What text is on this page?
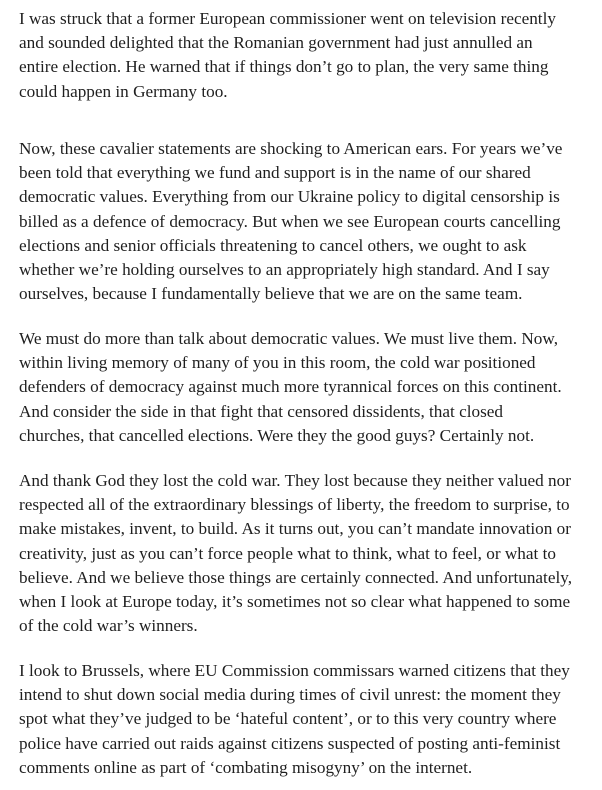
I was struck that a former European commissioner went on television recently
and sounded delighted that the Romanian government had just annulled an
entire election. He warned that if things don’t go to plan, the very same thing
could happen in Germany too.

Now, these cavalier statements are shocking to American ears. For years we’ve
been told that everything we fund and support is in the name of our shared
democratic values. Everything from our Ukraine policy to digital censorship is
billed as a defence of democracy. But when we see European courts cancelling
elections and senior officials threatening to cancel others, we ought to ask
whether we’re holding ourselves to an appropriately high standard. And I say
ourselves, because I fundamentally believe that we are on the same team.

We must do more than talk about democratic values. We must live them. Now,
within living memory of many of you in this room, the cold war positioned
defenders of democracy against much more tyrannical forces on this continent.
And consider the side in that fight that censored dissidents, that closed
churches, that cancelled elections. Were they the good guys? Certainly not.

And thank God they lost the cold war. They lost because they neither valued nor
respected all of the extraordinary blessings of liberty, the freedom to surprise, to
make mistakes, invent, to build. As it turns out, you can’t mandate innovation or
creativity, just as you can’t force people what to think, what to feel, or what to
believe. And we believe those things are certainly connected. And unfortunately,
when I look at Europe today, it’s sometimes not so clear what happened to some
of the cold war’s winners.

I look to Brussels, where EU Commission commissars warned citizens that they
intend to shut down social media during times of civil unrest: the moment they
spot what they’ve judged to be ‘hateful content’, or to this very country where
police have carried out raids against citizens suspected of posting anti-feminist
comments online as part of ‘combating misogyny’ on the internet.
